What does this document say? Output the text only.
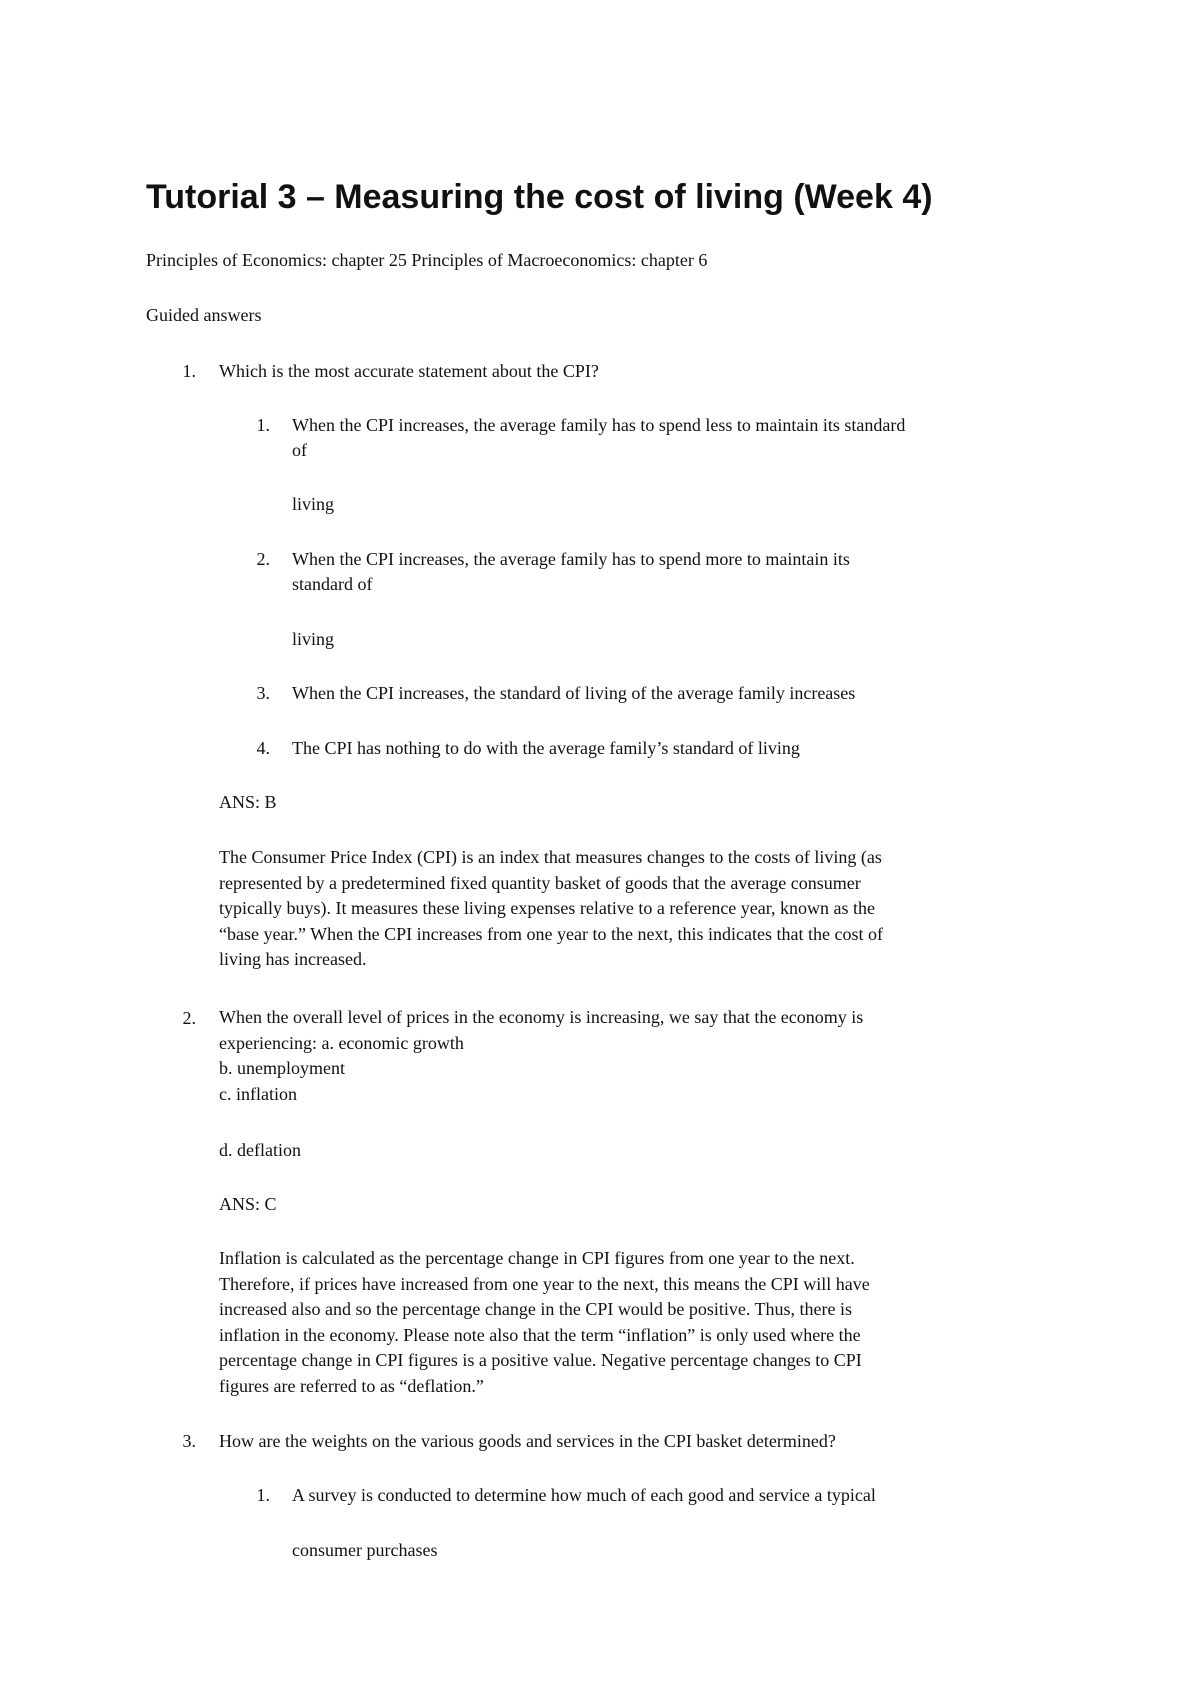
Tutorial 3 – Measuring the cost of living (Week 4)

Principles of Economics: chapter 25 Principles of Macroeconomics: chapter 6

Guided answers

1. Which is the most accurate statement about the CPI?

1. When the CPI increases, the average family has to spend less to maintain its standard

of

living

2. When the CPI increases, the average family has to spend more to maintain its

standard of

living

3. When the CPI increases, the standard of living of the average family increases

4. The CPI has nothing to do with the average family’s standard of living

ANS: B

The Consumer Price Index (CPI) is an index that measures changes to the costs of living (as
represented by a predetermined fixed quantity basket of goods that the average consumer
typically buys). It measures these living expenses relative to a reference year, known as the
“base year.” When the CPI increases from one year to the next, this indicates that the cost of
living has increased.
2. When the overall level of prices in the economy is increasing, we say that the economy is
experiencing: a. economic growth
b. unemployment
c. inflation

d. deflation

ANS: C

Inflation is calculated as the percentage change in CPI figures from one year to the next.
Therefore, if prices have increased from one year to the next, this means the CPI will have
increased also and so the percentage change in the CPI would be positive. Thus, there is
inflation in the economy. Please note also that the term “inflation” is only used where the
percentage change in CPI figures is a positive value. Negative percentage changes to CPI
figures are referred to as “deflation.”
3. How are the weights on the various goods and services in the CPI basket determined?

1. A survey is conducted to determine how much of each good and service a typical

consumer purchases
